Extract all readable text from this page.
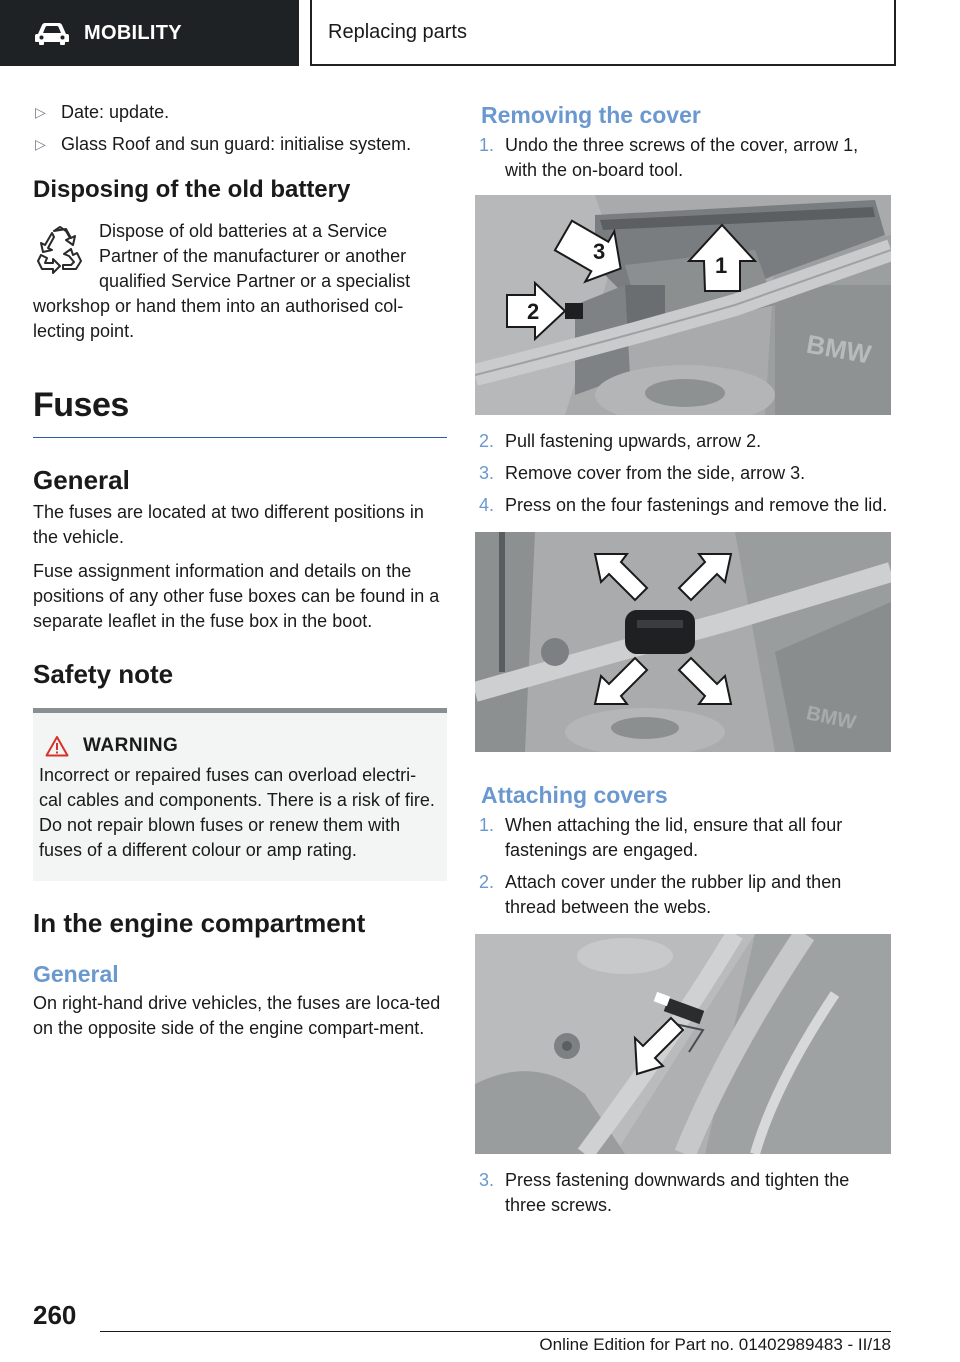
MOBILITY	Replacing parts
▷ Date: update.
▷ Glass Roof and sun guard: initialise system.
Disposing of the old battery
Dispose of old batteries at a Service Partner of the manufacturer or another qualified Service Partner or a specialist workshop or hand them into an authorised col-lecting point.
Fuses
General

The fuses are located at two different positions in the vehicle.

Fuse assignment information and details on the positions of any other fuse boxes can be found in a separate leaflet in the fuse box in the boot.

Safety note
WARNING

Incorrect or repaired fuses can overload electri-cal cables and components. There is a risk of fire. Do not repair blown fuses or renew them with fuses of a different colour or amp rating.

In the engine compartment
General

On right-hand drive vehicles, the fuses are loca-ted on the opposite side of the engine compart-ment.

Removing the cover
1. Undo the three screws of the cover, arrow 1, with the on-board tool.
BMW
3
1
2
2. Pull fastening upwards, arrow 2.
3. Remove cover from the side, arrow 3.
4. Press on the four fastenings and remove the lid.
BMW
Attaching covers
1. When attaching the lid, ensure that all four fastenings are engaged.
2. Attach cover under the rubber lip and then thread between the webs.
3. Press fastening downwards and tighten the three screws.
260
Online Edition for Part no. 01402989483 - II/18
